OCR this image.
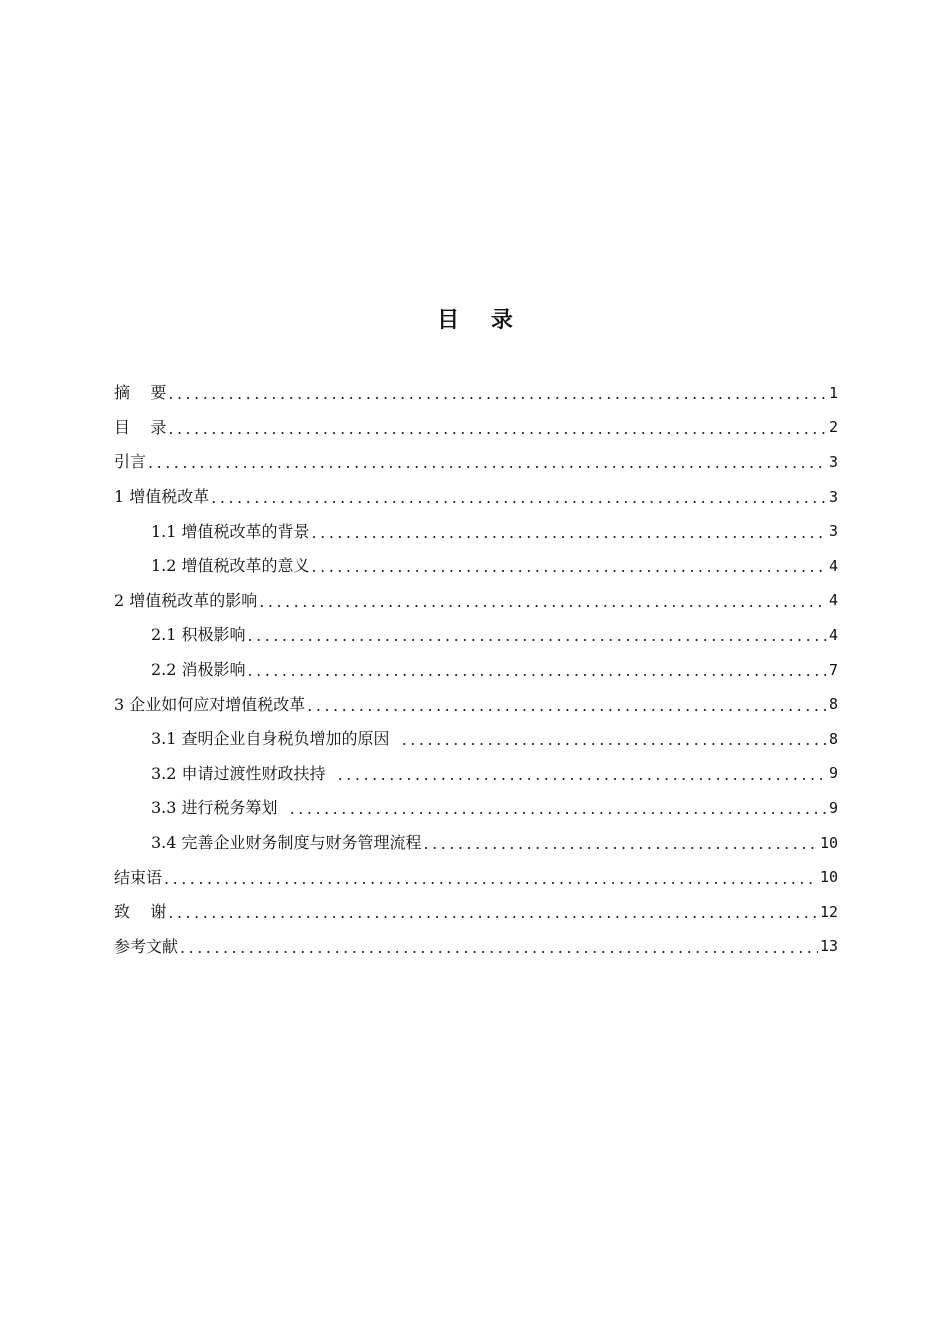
目 录
摘    要 .....	1
目    录 .....	2
引言 .....	3
1 增值税改革 .....	3
1.1 增值税改革的背景 .....	3
1.2 增值税改革的意义 .....	4
2 增值税改革的影响 .....	4
2.1 积极影响 .....	4
2.2 消极影响 .....	7
3 企业如何应对增值税改革 .....	8
3.1 查明企业自身税负增加的原因 .....	8
3.2 申请过渡性财政扶持 .....	9
3.3 进行税务筹划 .....	9
3.4 完善企业财务制度与财务管理流程 .....	10
结束语 .....	10
致    谢 .....	12
参考文献 .....	13
